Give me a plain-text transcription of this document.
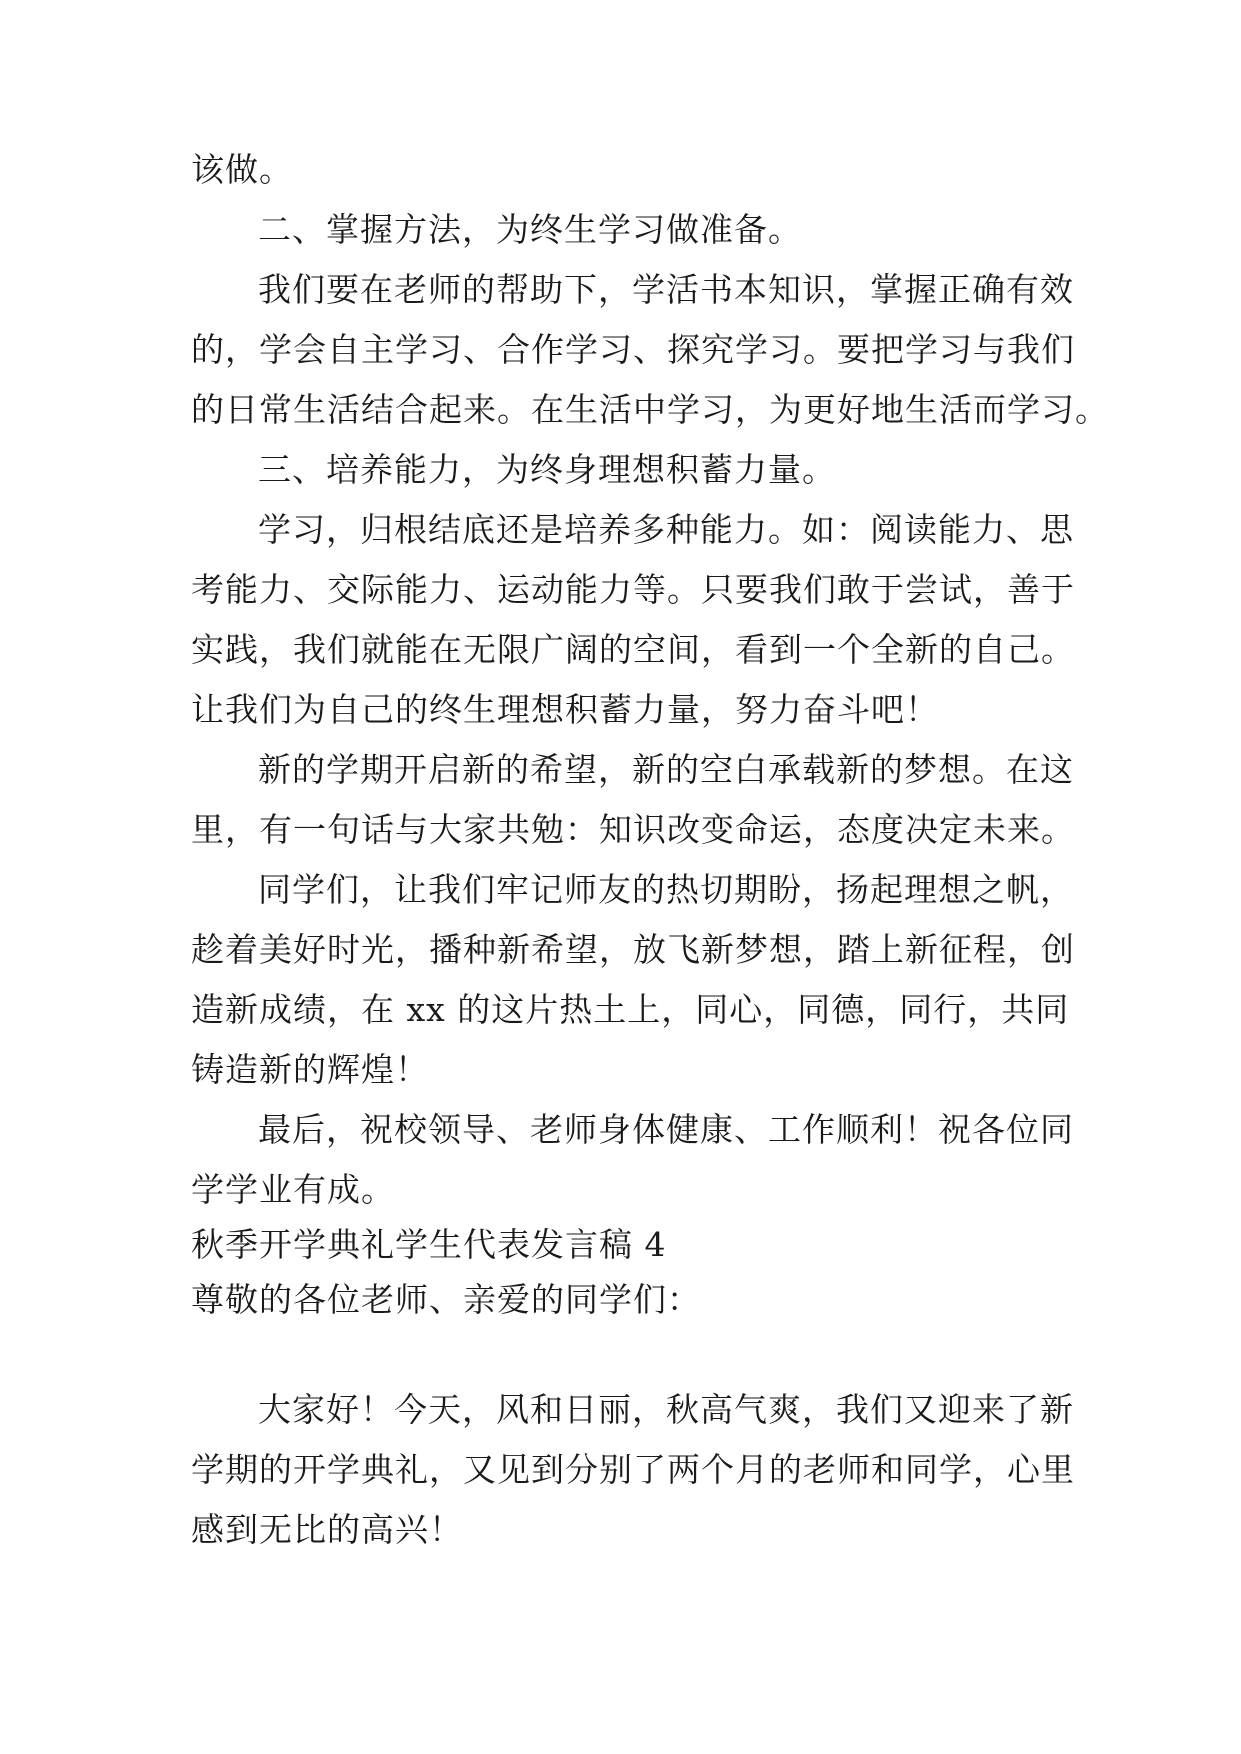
该做。
二、掌握方法，为终生学习做准备。
我们要在老师的帮助下，学活书本知识，掌握正确有效
的，学会自主学习、合作学习、探究学习。要把学习与我们
的日常生活结合起来。在生活中学习，为更好地生活而学习。
三、培养能力，为终身理想积蓄力量。
学习，归根结底还是培养多种能力。如：阅读能力、思
考能力、交际能力、运动能力等。只要我们敢于尝试，善于
实践，我们就能在无限广阔的空间，看到一个全新的自己。
让我们为自己的终生理想积蓄力量，努力奋斗吧！
新的学期开启新的希望，新的空白承载新的梦想。在这
里，有一句话与大家共勉：知识改变命运，态度决定未来。
同学们，让我们牢记师友的热切期盼，扬起理想之帆，
趁着美好时光，播种新希望，放飞新梦想，踏上新征程，创
造新成绩，在 xx 的这片热土上，同心，同德，同行，共同
铸造新的辉煌！
最后，祝校领导、老师身体健康、工作顺利！祝各位同
学学业有成。
秋季开学典礼学生代表发言稿 4
尊敬的各位老师、亲爱的同学们：
大家好！今天，风和日丽，秋高气爽，我们又迎来了新
学期的开学典礼，又见到分别了两个月的老师和同学，心里
感到无比的高兴！
